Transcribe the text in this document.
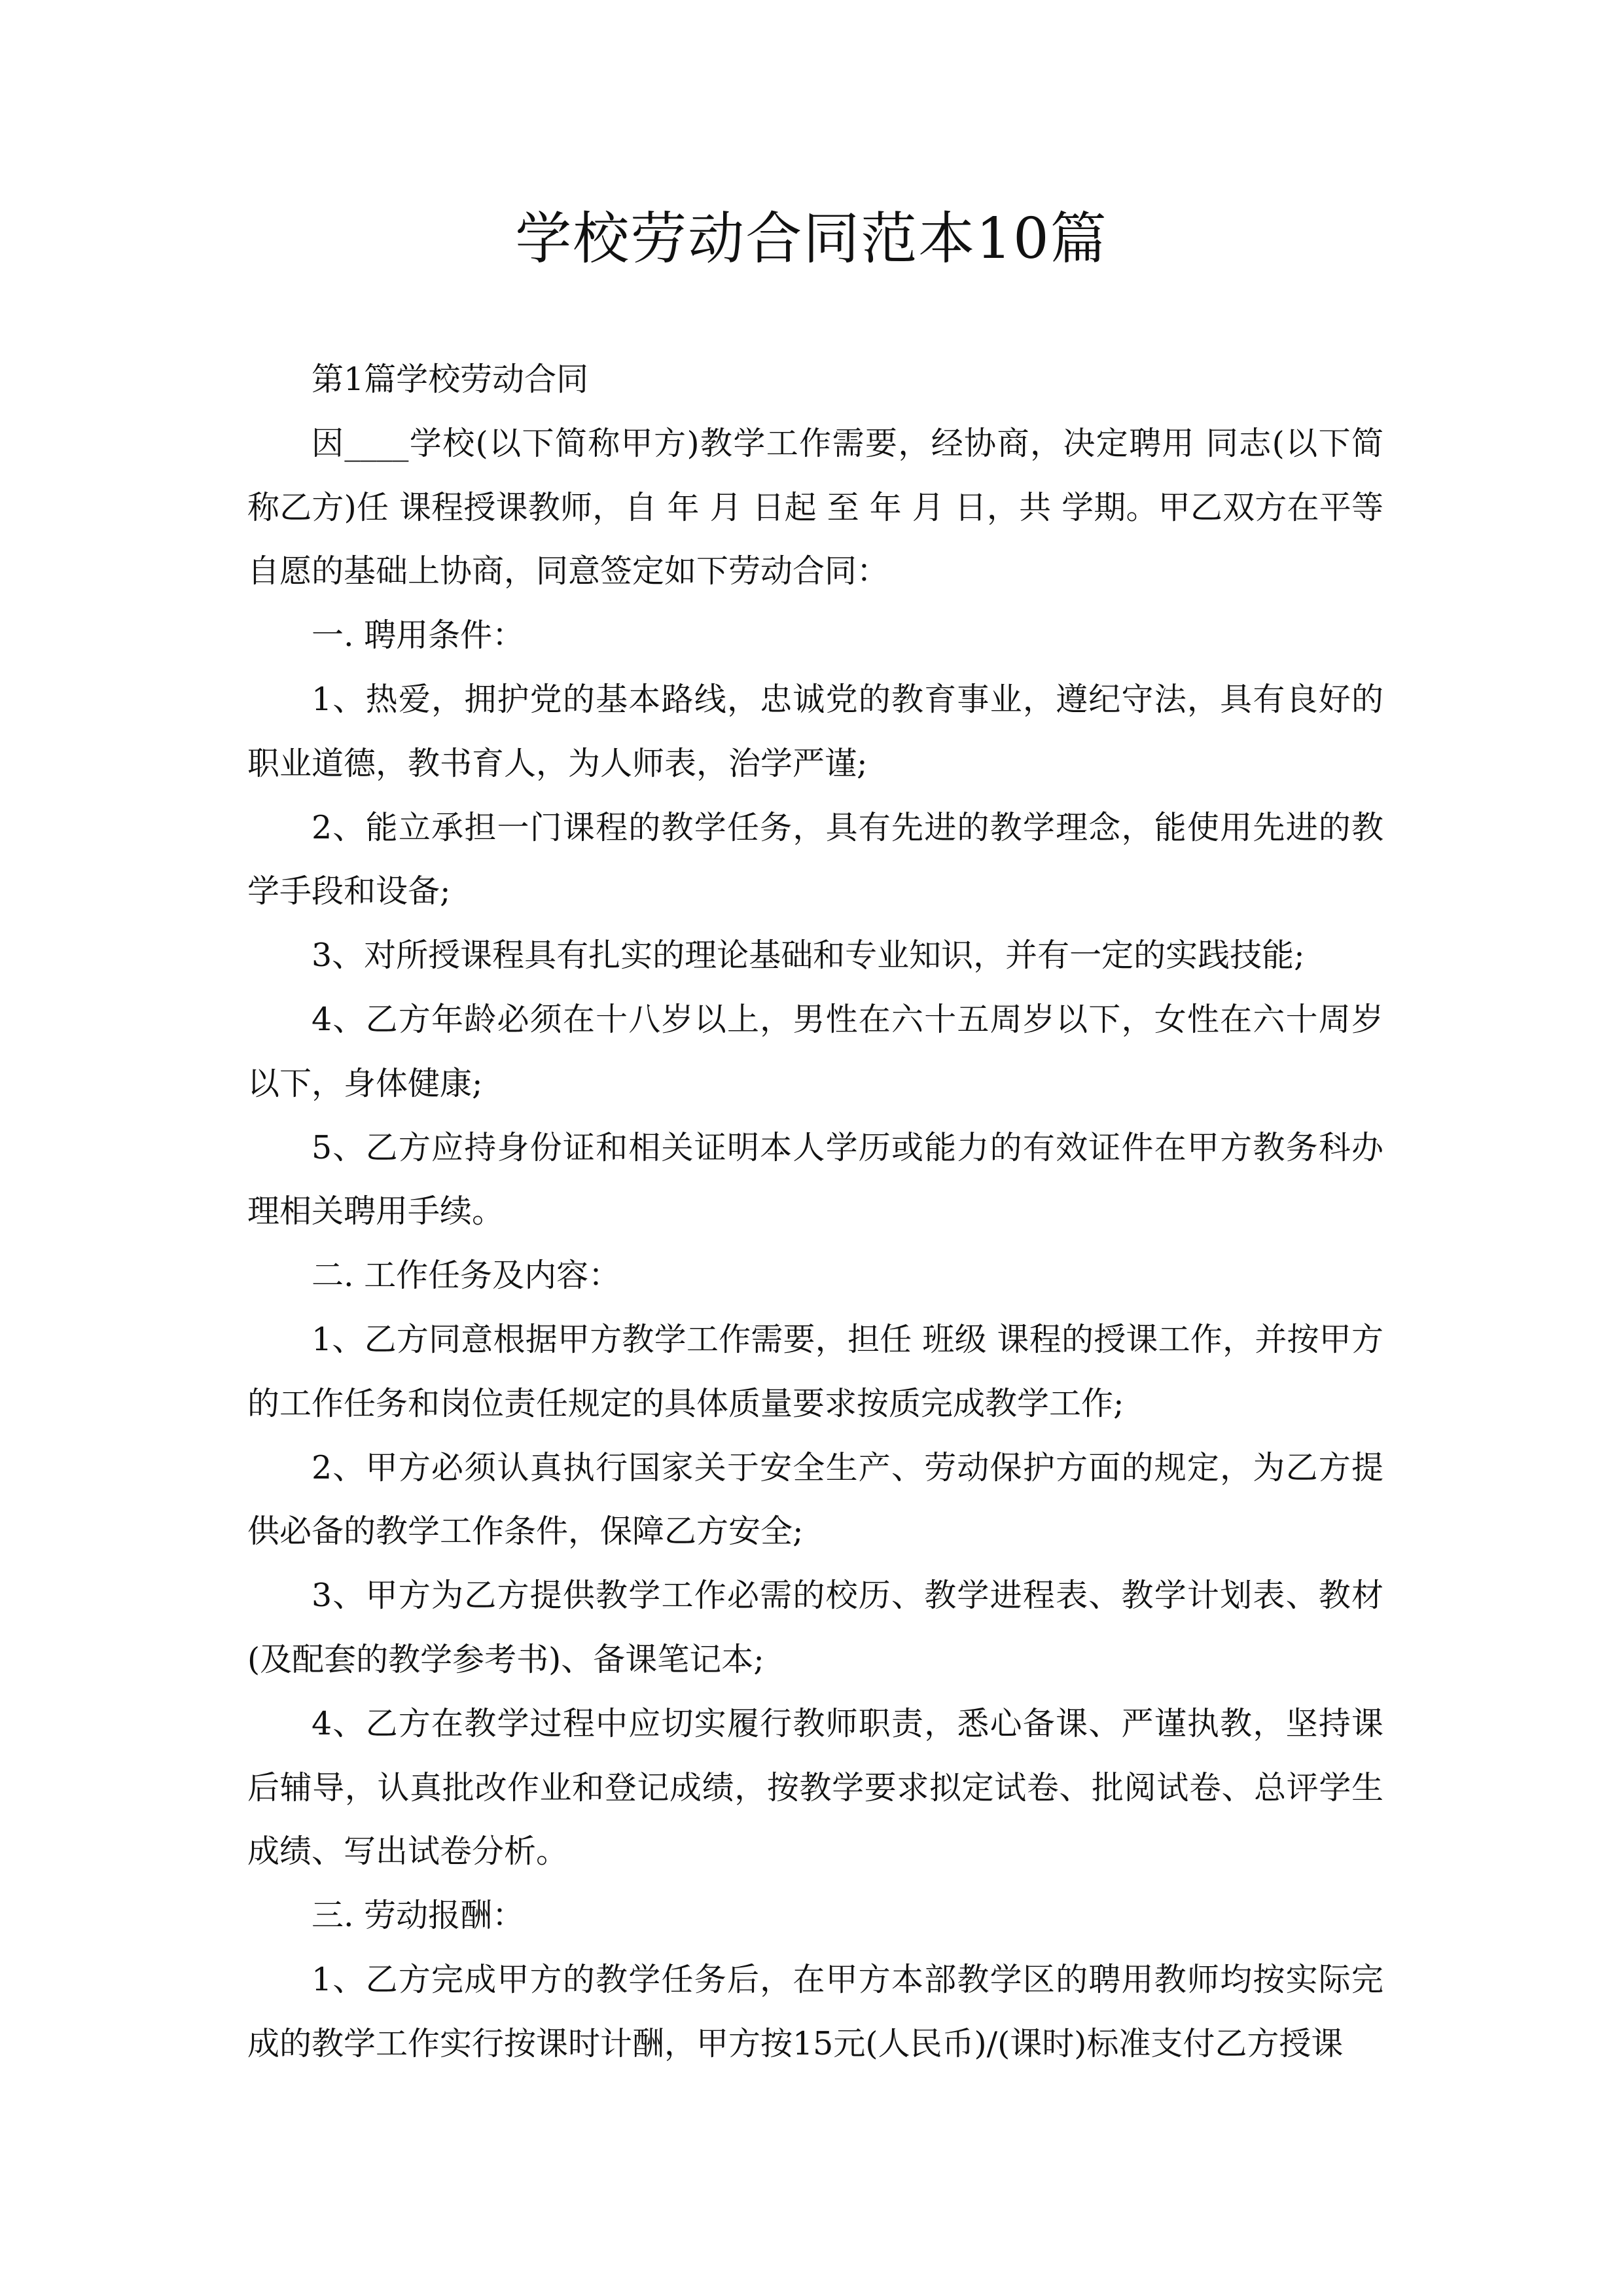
学校劳动合同范本10篇

第1篇学校劳动合同

因____学校(以下简称甲方)教学工作需要，经协商，决定聘用 同志(以下简称乙方)任 课程授课教师，自 年 月 日起 至 年 月 日，共 学期。甲乙双方在平等自愿的基础上协商，同意签定如下劳动合同：

一. 聘用条件：

1、热爱，拥护党的基本路线，忠诚党的教育事业，遵纪守法，具有良好的职业道德，教书育人，为人师表，治学严谨;

2、能立承担一门课程的教学任务，具有先进的教学理念，能使用先进的教学手段和设备;

3、对所授课程具有扎实的理论基础和专业知识，并有一定的实践技能;

4、乙方年龄必须在十八岁以上，男性在六十五周岁以下，女性在六十周岁以下，身体健康;

5、乙方应持身份证和相关证明本人学历或能力的有效证件在甲方教务科办理相关聘用手续。

二. 工作任务及内容：

1、乙方同意根据甲方教学工作需要，担任 班级 课程的授课工作，并按甲方的工作任务和岗位责任规定的具体质量要求按质完成教学工作;

2、甲方必须认真执行国家关于安全生产、劳动保护方面的规定，为乙方提供必备的教学工作条件，保障乙方安全;

3、甲方为乙方提供教学工作必需的校历、教学进程表、教学计划表、教材(及配套的教学参考书)、备课笔记本;

4、乙方在教学过程中应切实履行教师职责，悉心备课、严谨执教，坚持课后辅导，认真批改作业和登记成绩，按教学要求拟定试卷、批阅试卷、总评学生成绩、写出试卷分析。

三. 劳动报酬：

1、乙方完成甲方的教学任务后，在甲方本部教学区的聘用教师均按实际完成的教学工作实行按课时计酬，甲方按15元(人民币)/(课时)标准支付乙方授课
